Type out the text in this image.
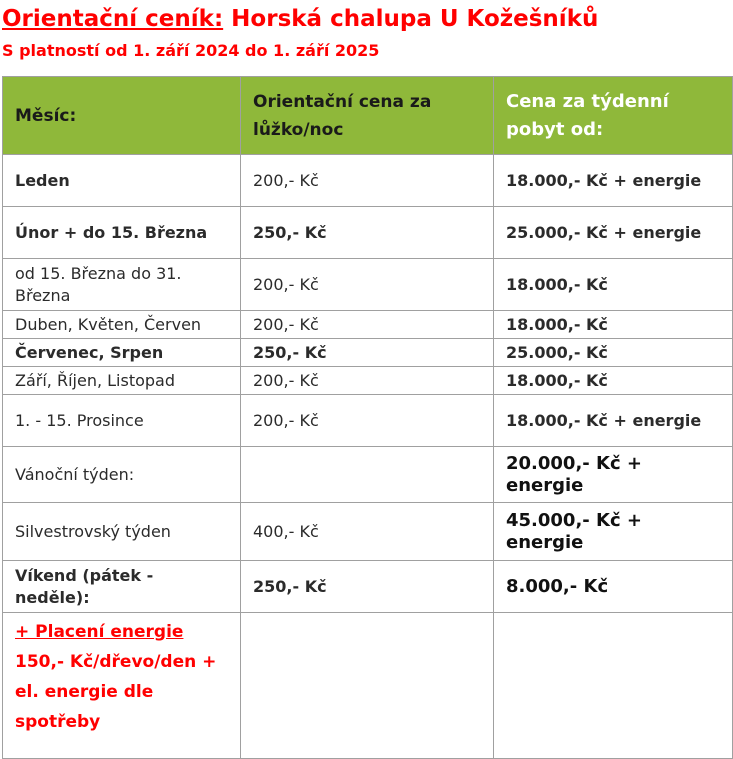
Orientační ceník: Horská chalupa U Kožešníků

S platností od 1. září 2024 do 1. září 2025

Měsíc:	Orientační cena za lůžko/noc	Cena za týdenní pobyt od:
Leden	200,- Kč	18.000,- Kč + energie
Únor + do 15. Března	250,- Kč	25.000,- Kč + energie
od 15. Března do 31. Března	200,- Kč	18.000,- Kč
Duben, Květen, Červen	200,- Kč	18.000,- Kč
Červenec, Srpen	250,- Kč	25.000,- Kč
Září, Říjen, Listopad	200,- Kč	18.000,- Kč
1. - 15. Prosince	200,- Kč	18.000,- Kč + energie
Vánoční týden:		20.000,- Kč + energie
Silvestrovský týden	400,- Kč	45.000,- Kč + energie
Víkend (pátek - neděle):	250,- Kč	8.000,- Kč

+ Placení energie

150,- Kč/dřevo/den + el. energie dle spotřeby		
